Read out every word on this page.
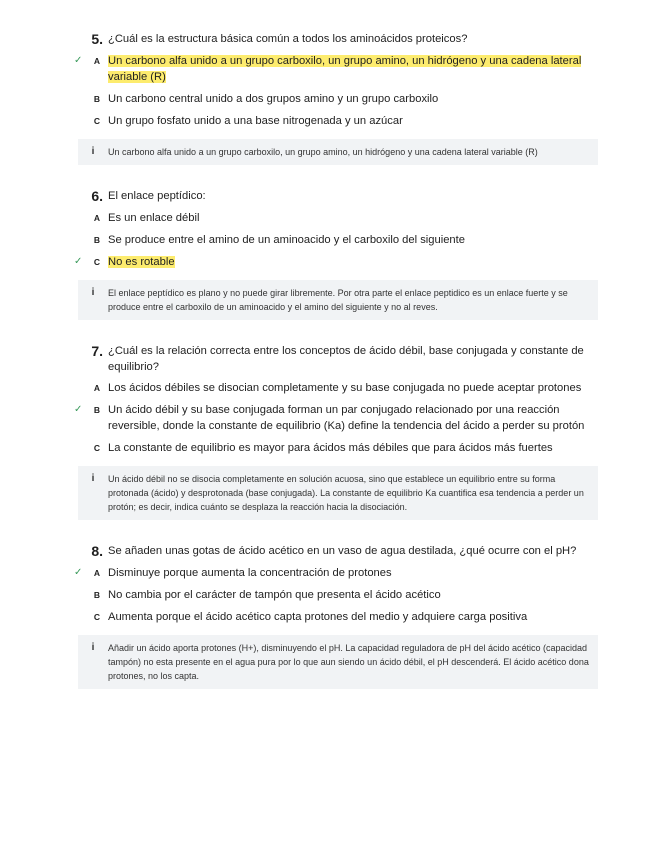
5. ¿Cuál es la estructura básica común a todos los aminoácidos proteicos?
✓	A Un carbono alfa unido a un grupo carboxilo, un grupo amino, un hidrógeno y una cadena lateral variable (R)
B Un carbono central unido a dos grupos amino y un grupo carboxilo
C Un grupo fosfato unido a una base nitrogenada y un azúcar
i	Un carbono alfa unido a un grupo carboxilo, un grupo amino, un hidrógeno y una cadena lateral variable (R)
6. El enlace peptídico:
A Es un enlace débil
B Se produce entre el amino de un aminoacido y el carboxilo del siguiente
✓	C No es rotable
i	El enlace peptídico es plano y no puede girar libremente. Por otra parte el enlace peptidico es un enlace fuerte y se produce entre el carboxilo de un aminoacido y el amino del siguiente y no al reves.
7. ¿Cuál es la relación correcta entre los conceptos de ácido débil, base conjugada y constante de equilibrio?
A Los ácidos débiles se disocian completamente y su base conjugada no puede aceptar protones
✓	B Un ácido débil y su base conjugada forman un par conjugado relacionado por una reacción reversible, donde la constante de equilibrio (Ka) define la tendencia del ácido a perder su protón
C La constante de equilibrio es mayor para ácidos más débiles que para ácidos más fuertes
i	Un ácido débil no se disocia completamente en solución acuosa, sino que establece un equilibrio entre su forma protonada (ácido) y desprotonada (base conjugada). La constante de equilibrio Ka cuantifica esa tendencia a perder un protón; es decir, indica cuánto se desplaza la reacción hacia la disociación.
8. Se añaden unas gotas de ácido acético en un vaso de agua destilada, ¿qué ocurre con el pH?
✓	A Disminuye porque aumenta la concentración de protones
B No cambia por el carácter de tampón que presenta el ácido acético
C Aumenta porque el ácido acético capta protones del medio y adquiere carga positiva
i	Añadir un ácido aporta protones (H+), disminuyendo el pH. La capacidad reguladora de pH del ácido acético (capacidad tampón) no esta presente en el agua pura por lo que aun siendo un ácido débil, el pH descenderá. El ácido acético dona protones, no los capta.
